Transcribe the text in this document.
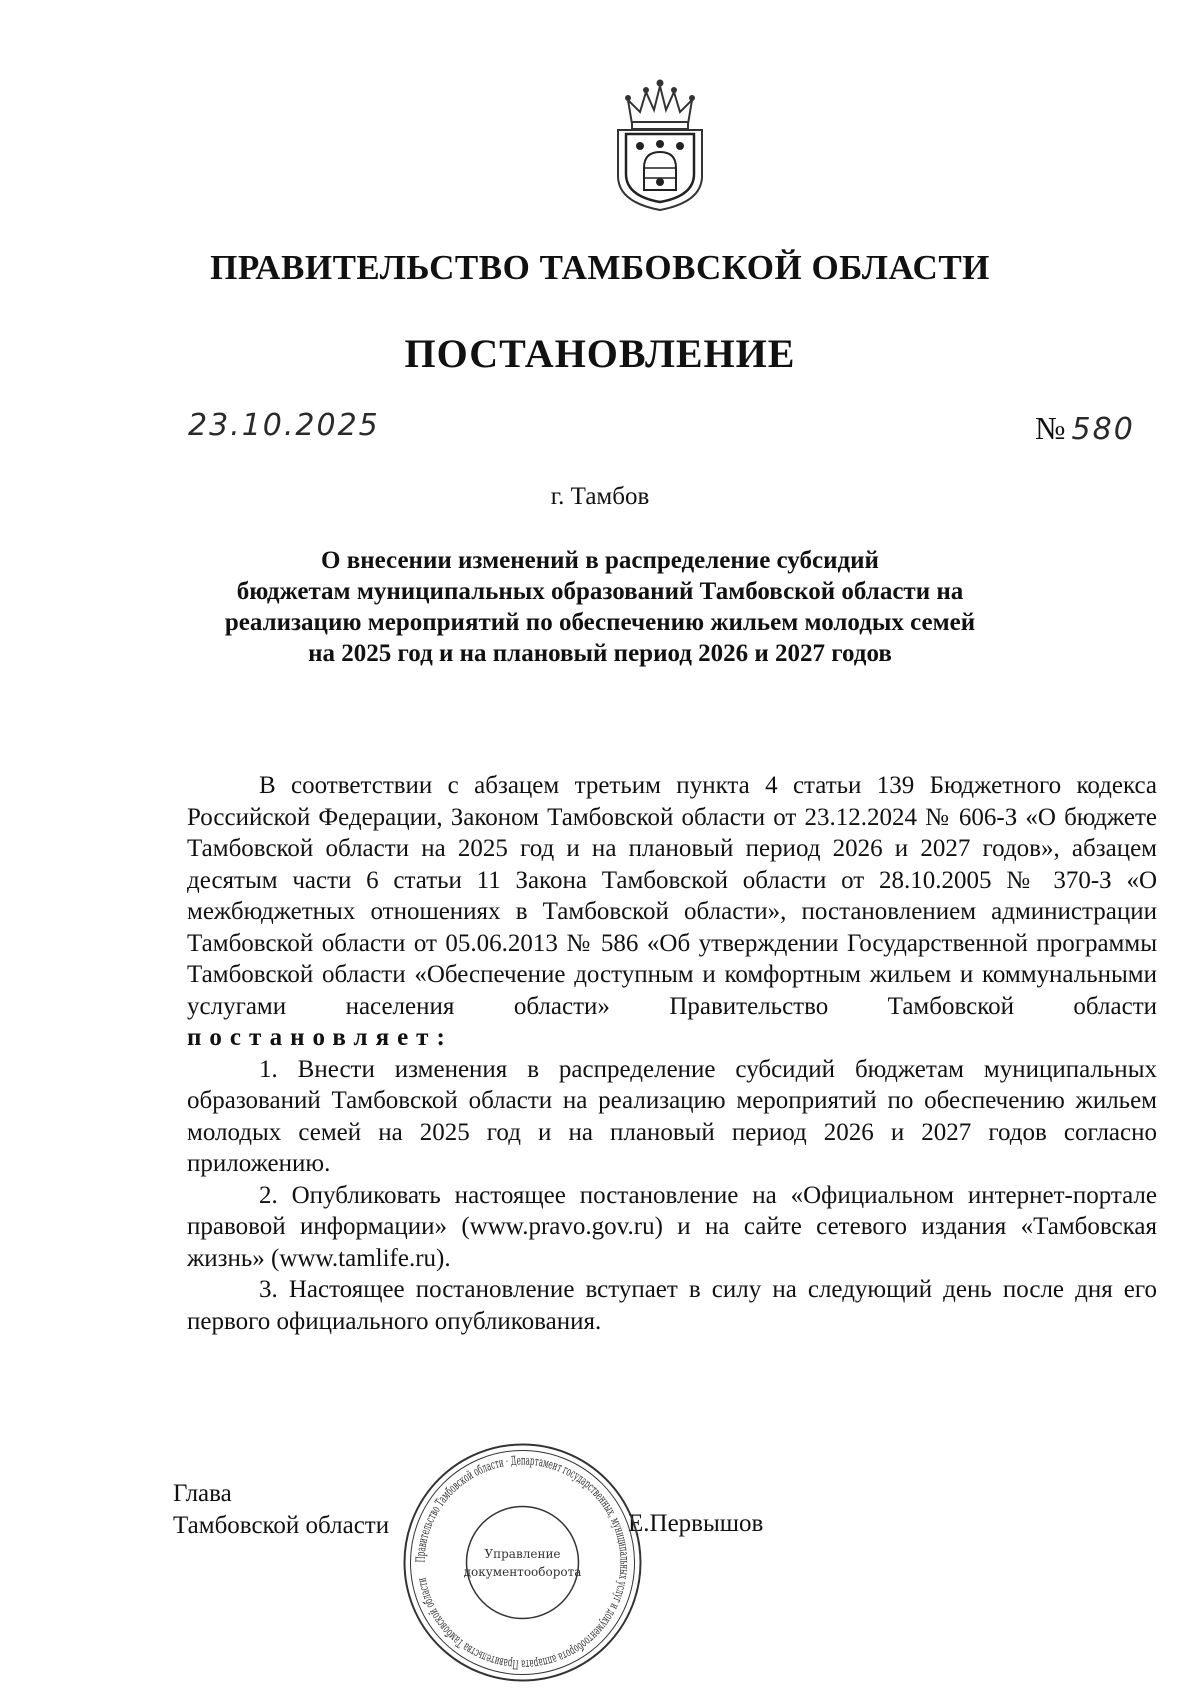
ПРАВИТЕЛЬСТВО ТАМБОВСКОЙ ОБЛАСТИ
ПОСТАНОВЛЕНИЕ
23.10.2025	№ 580
г. Тамбов
О внесении изменений в распределение субсидий
бюджетам муниципальных образований Тамбовской области на
реализацию мероприятий по обеспечению жильем молодых семей
на 2025 год и на плановый период 2026 и 2027 годов

В соответствии с абзацем третьим пункта 4 статьи 139 Бюджетного кодекса Российской Федерации, Законом Тамбовской области от 23.12.2024 № 606-З «О бюджете Тамбовской области на 2025 год и на плановый период 2026 и 2027 годов», абзацем десятым части 6 статьи 11 Закона Тамбовской области от 28.10.2005 № 370-З «О межбюджетных отношениях в Тамбовской области», постановлением администрации Тамбовской области от 05.06.2013 № 586 «Об утверждении Государственной программы Тамбовской области «Обеспечение доступным и комфортным жильем и коммунальными услугами населения области» Правительство Тамбовской области постановляет:

1. Внести изменения в распределение субсидий бюджетам муниципальных образований Тамбовской области на реализацию мероприятий по обеспечению жильем молодых семей на 2025 год и на плановый период 2026 и 2027 годов согласно приложению.

2. Опубликовать настоящее постановление на «Официальном интернет-портале правовой информации» (www.pravo.gov.ru) и на сайте сетевого издания «Тамбовская жизнь» (www.tamlife.ru).

3. Настоящее постановление вступает в силу на следующий день после дня его первого официального опубликования.

Глава
Тамбовской области	Е.Первышов
Правительство Тамбовской области · Департамент государственных, муниципальных услуг и документооборота аппарата Правительства Тамбовской области
Управление
документооборота
